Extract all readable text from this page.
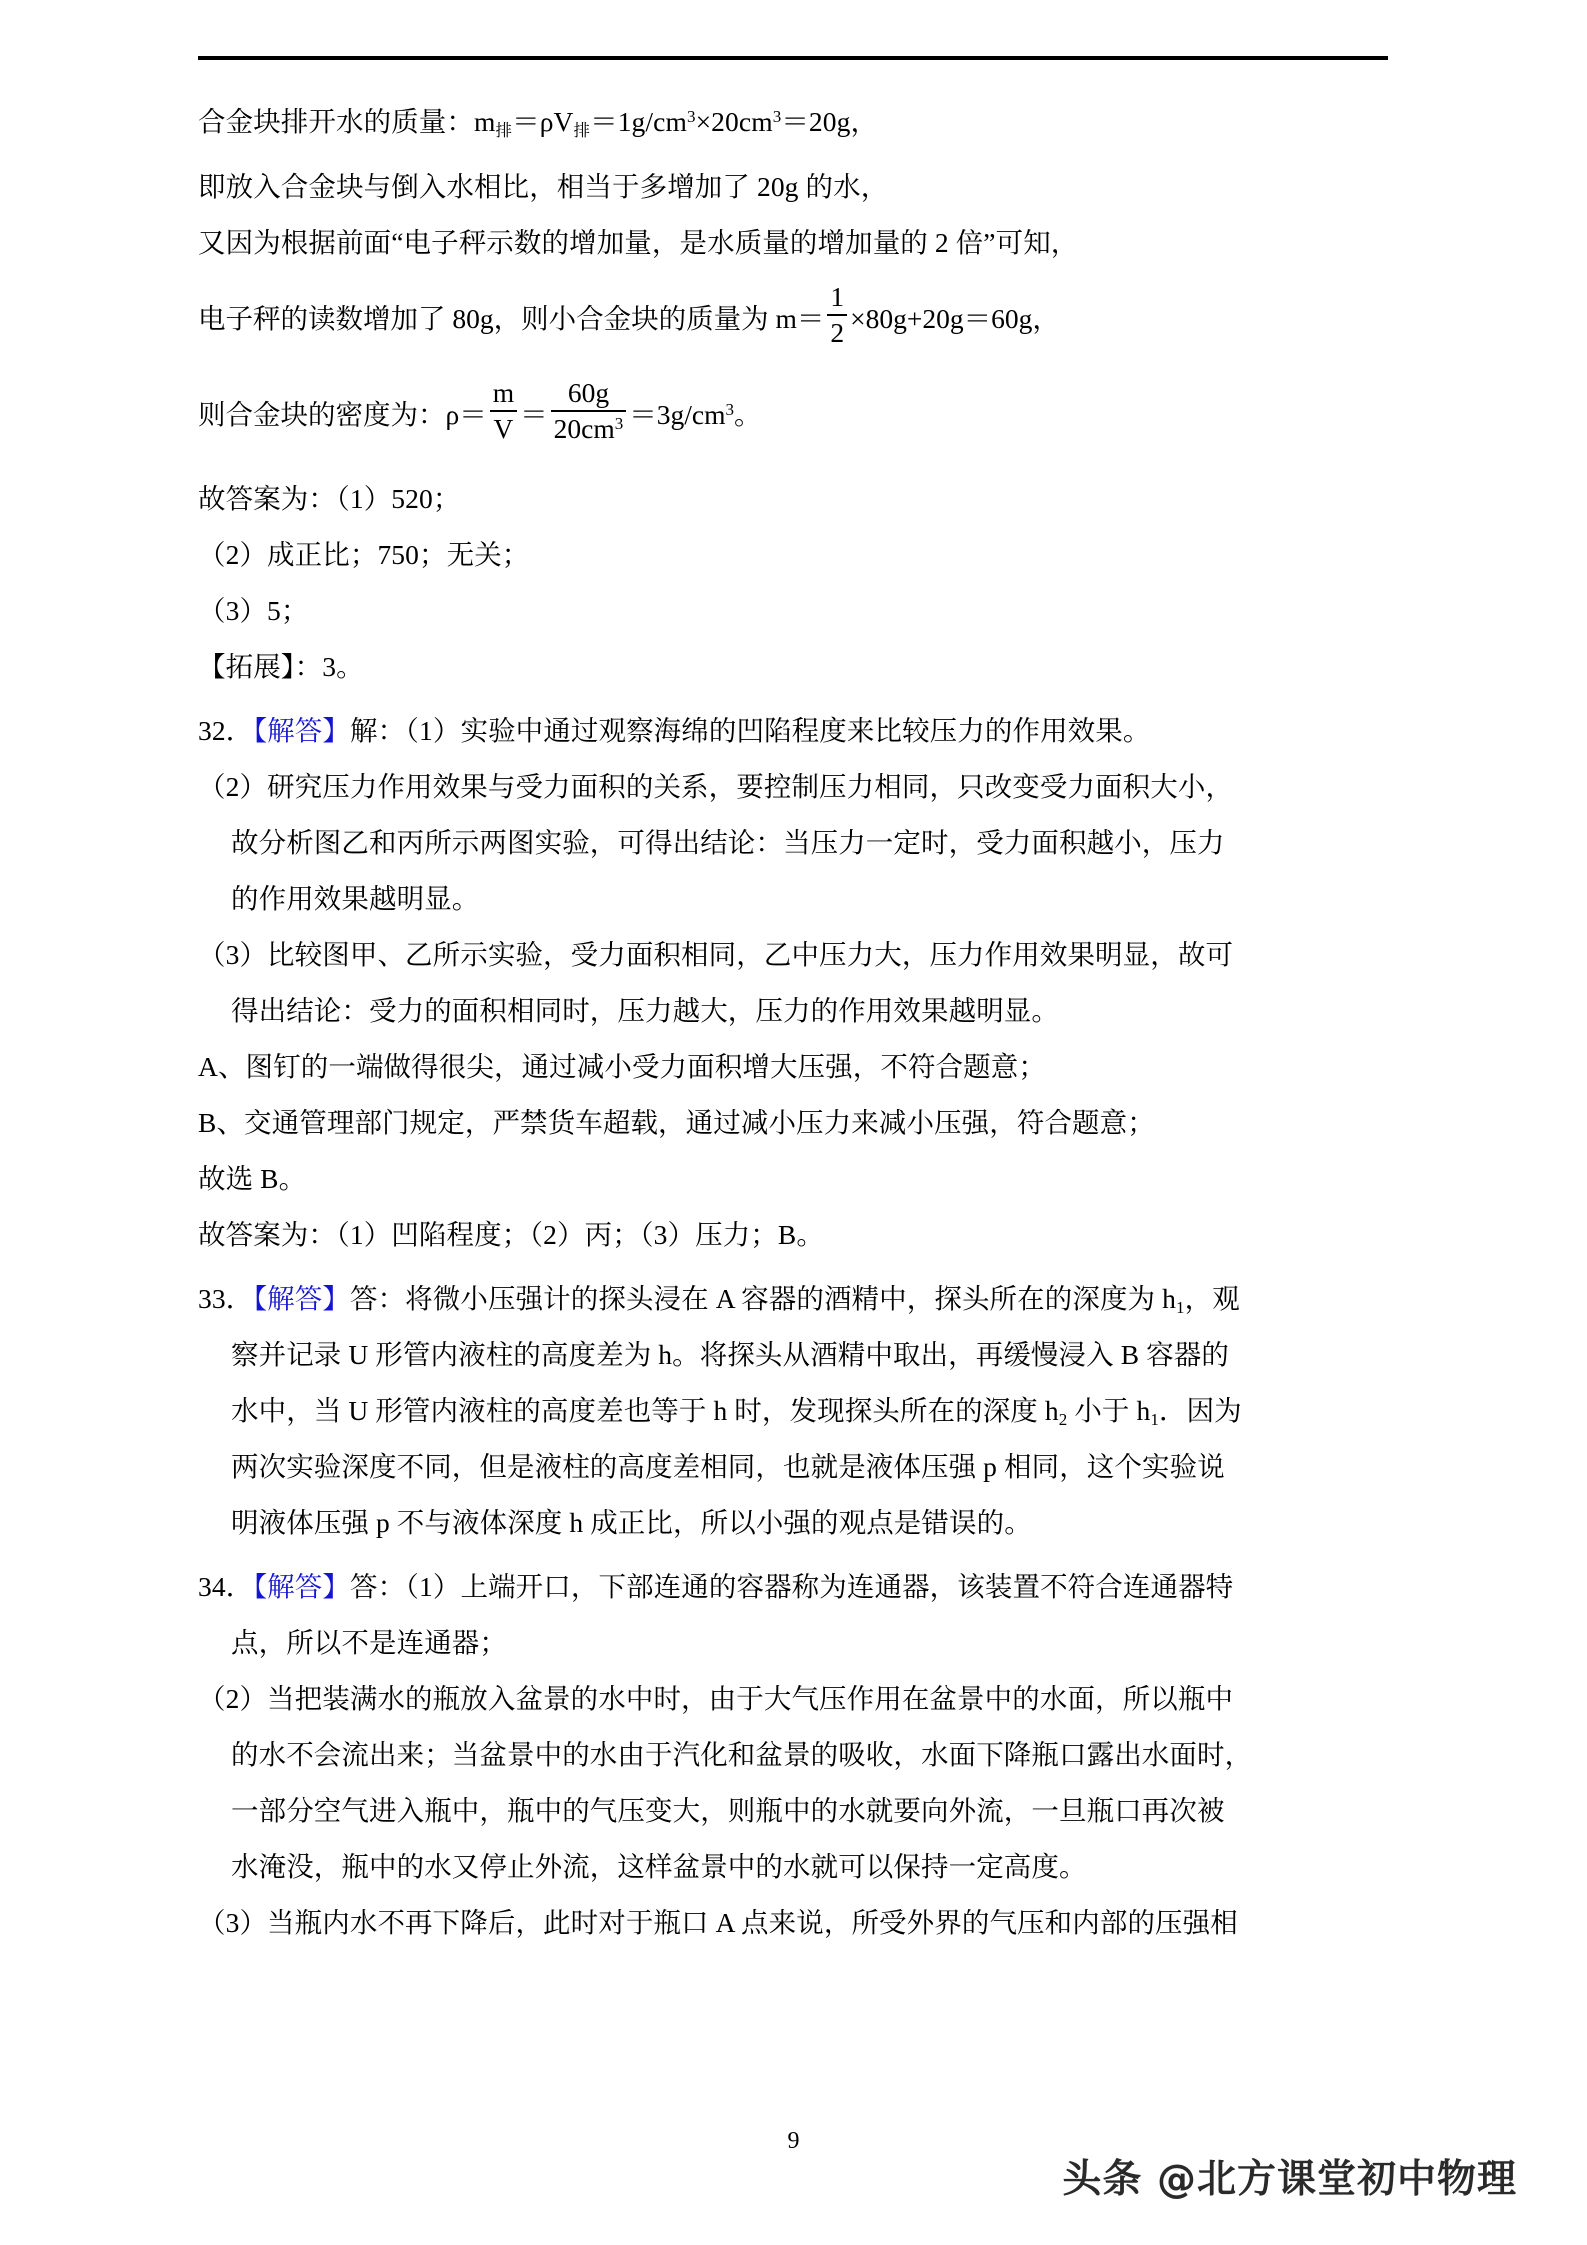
合金块排开水的质量：m排＝ρV排$=1g/cm^3\times 20cm^3=20g$，
即放入合金块与倒入水相比，相当于多增加了 20g 的水，
又因为根据前面“电子秤示数的增加量，是水质量的增加量的 2 倍”可知，
电子秤的读数增加了 80g，则小合金块的质量为 $m= \frac{1}{2} \times 80g+20g=60g$，
则合金块的密度为：$\rho= \frac{m}{V} = \frac{60g}{20cm^3} =3g/cm^3$。
故答案为：（1）520；
（2）成正比；750；无关；
（3）5；
【拓展】：3。
32．【解答】解：（1）实验中通过观察海绵的凹陷程度来比较压力的作用效果。
（2）研究压力作用效果与受力面积的关系，要控制压力相同，只改变受力面积大小，
故分析图乙和丙所示两图实验，可得出结论：当压力一定时，受力面积越小，压力
的作用效果越明显。
（3）比较图甲、乙所示实验，受力面积相同，乙中压力大，压力作用效果明显，故可
得出结论：受力的面积相同时，压力越大，压力的作用效果越明显。
A、图钉的一端做得很尖，通过减小受力面积增大压强，不符合题意；
B、交通管理部门规定，严禁货车超载，通过减小压力来减小压强，符合题意；
故选 B。
故答案为：（1）凹陷程度；（2）丙；（3）压力；B。
33．【解答】答：将微小压强计的探头浸在 A 容器的酒精中，探头所在的深度为 $h_1$，观
察并记录 U 形管内液柱的高度差为 h。将探头从酒精中取出，再缓慢浸入 B 容器的
水中，当 U 形管内液柱的高度差也等于 h 时，发现探头所在的深度 $h_2$ 小于 $h_1$．因为
两次实验深度不同，但是液柱的高度差相同，也就是液体压强 p 相同，这个实验说
明液体压强 p 不与液体深度 h 成正比，所以小强的观点是错误的。
34．【解答】答：（1）上端开口，下部连通的容器称为连通器，该装置不符合连通器特
点，所以不是连通器；
（2）当把装满水的瓶放入盆景的水中时，由于大气压作用在盆景中的水面，所以瓶中
的水不会流出来；当盆景中的水由于汽化和盆景的吸收，水面下降瓶口露出水面时，
一部分空气进入瓶中，瓶中的气压变大，则瓶中的水就要向外流，一旦瓶口再次被
水淹没，瓶中的水又停止外流，这样盆景中的水就可以保持一定高度。
（3）当瓶内水不再下降后，此时对于瓶口 A 点来说，所受外界的气压和内部的压强相
9
头条 @北方课堂初中物理
